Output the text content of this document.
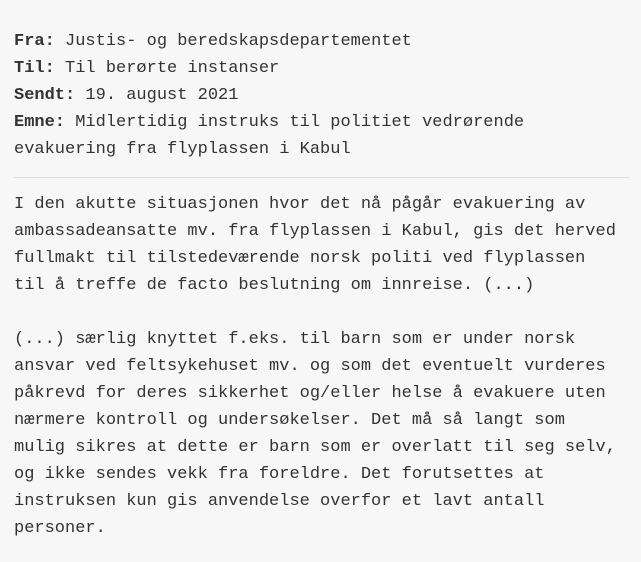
Fra: Justis- og beredskapsdepartementet
Til: Til berørte instanser
Sendt: 19. august 2021
Emne: Midlertidig instruks til politiet vedrørende
evakuering fra flyplassen i Kabul
I den akutte situasjonen hvor det nå pågår evakuering av
ambassadeansatte mv. fra flyplassen i Kabul, gis det herved
fullmakt til tilstedeværende norsk politi ved flyplassen
til å treffe de facto beslutning om innreise. (...)
(...) særlig knyttet f.eks. til barn som er under norsk
ansvar ved feltsykehuset mv. og som det eventuelt vurderes
påkrevd for deres sikkerhet og/eller helse å evakuere uten
nærmere kontroll og undersøkelser. Det må så langt som
mulig sikres at dette er barn som er overlatt til seg selv,
og ikke sendes vekk fra foreldre. Det forutsettes at
instruksen kun gis anvendelse overfor et lavt antall
personer.
